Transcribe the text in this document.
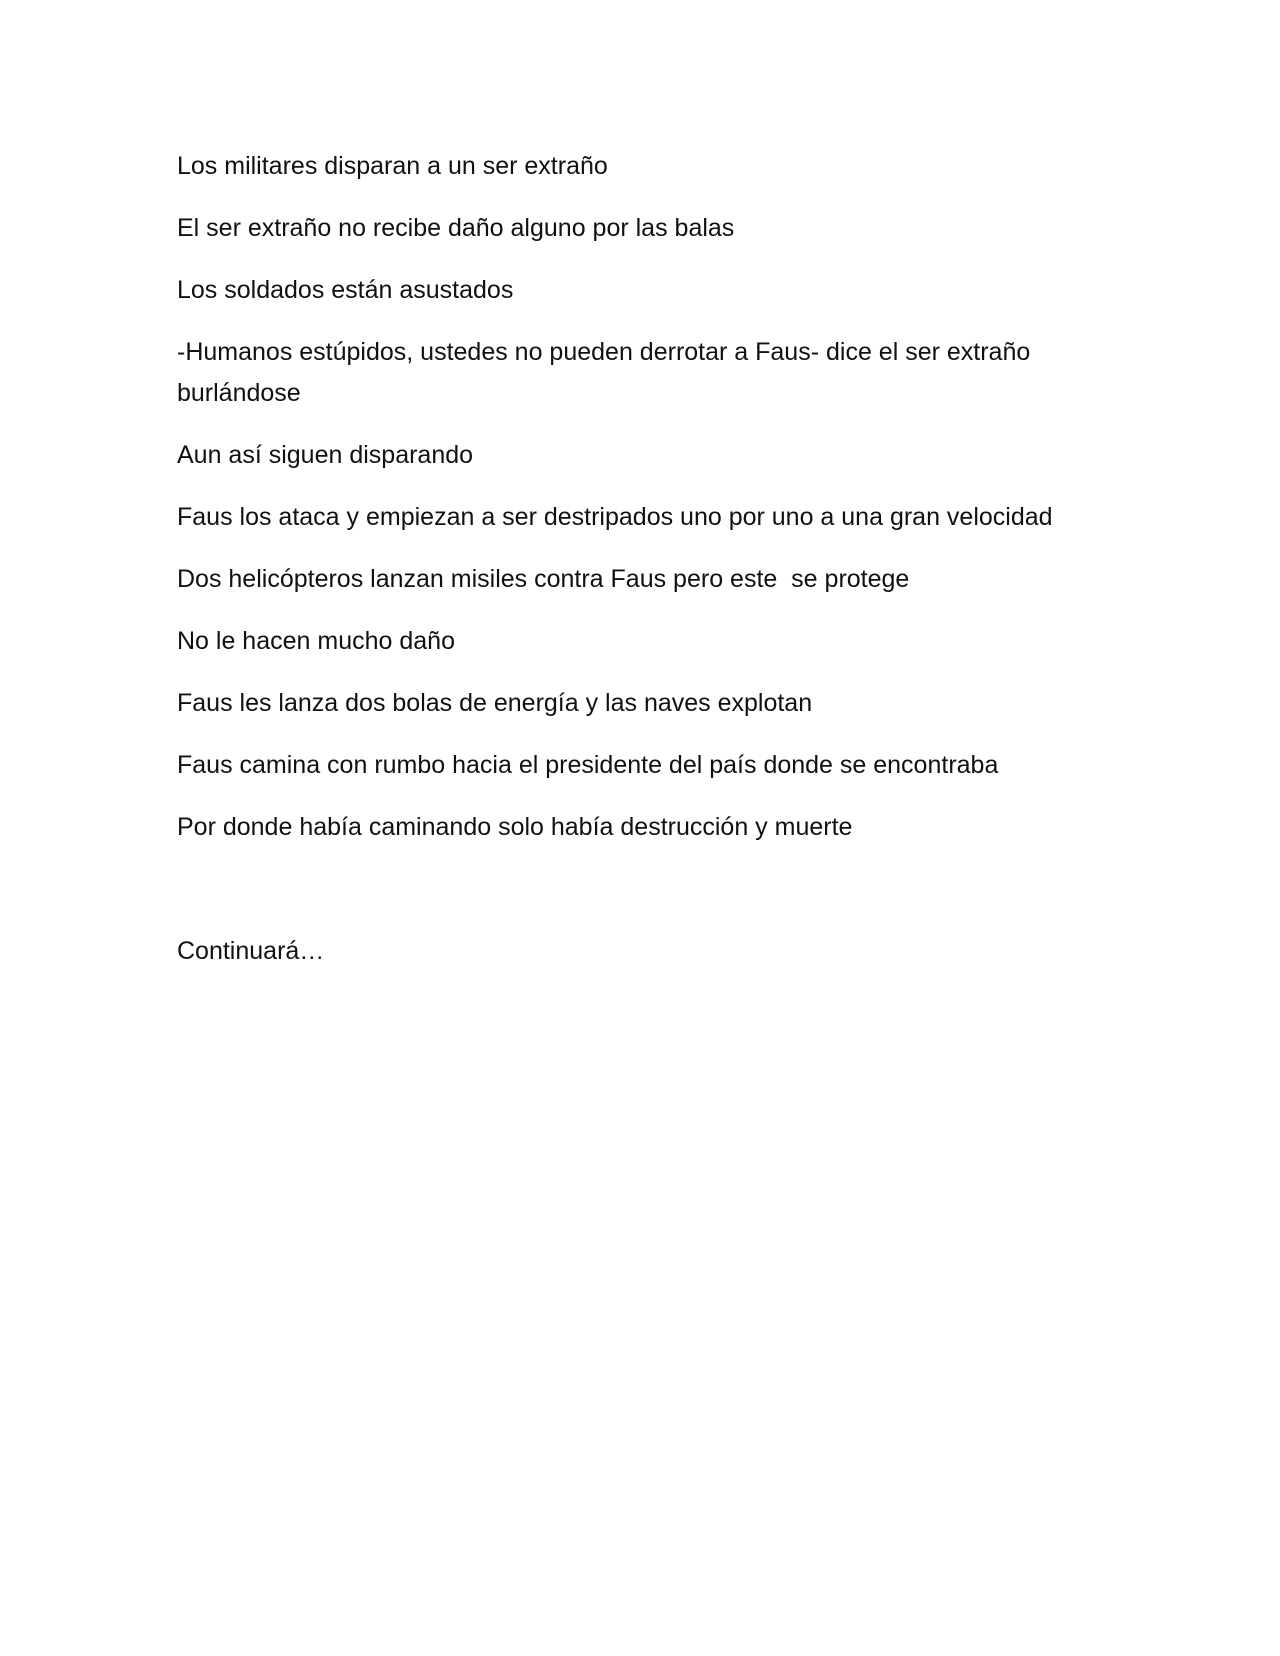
Los militares disparan a un ser extraño

El ser extraño no recibe daño alguno por las balas

Los soldados están asustados

-Humanos estúpidos, ustedes no pueden derrotar a Faus- dice el ser extraño burlándose

Aun así siguen disparando

Faus los ataca y empiezan a ser destripados uno por uno a una gran velocidad

Dos helicópteros lanzan misiles contra Faus pero este  se protege

No le hacen mucho daño

Faus les lanza dos bolas de energía y las naves explotan

Faus camina con rumbo hacia el presidente del país donde se encontraba

Por donde había caminando solo había destrucción y muerte

Continuará…
